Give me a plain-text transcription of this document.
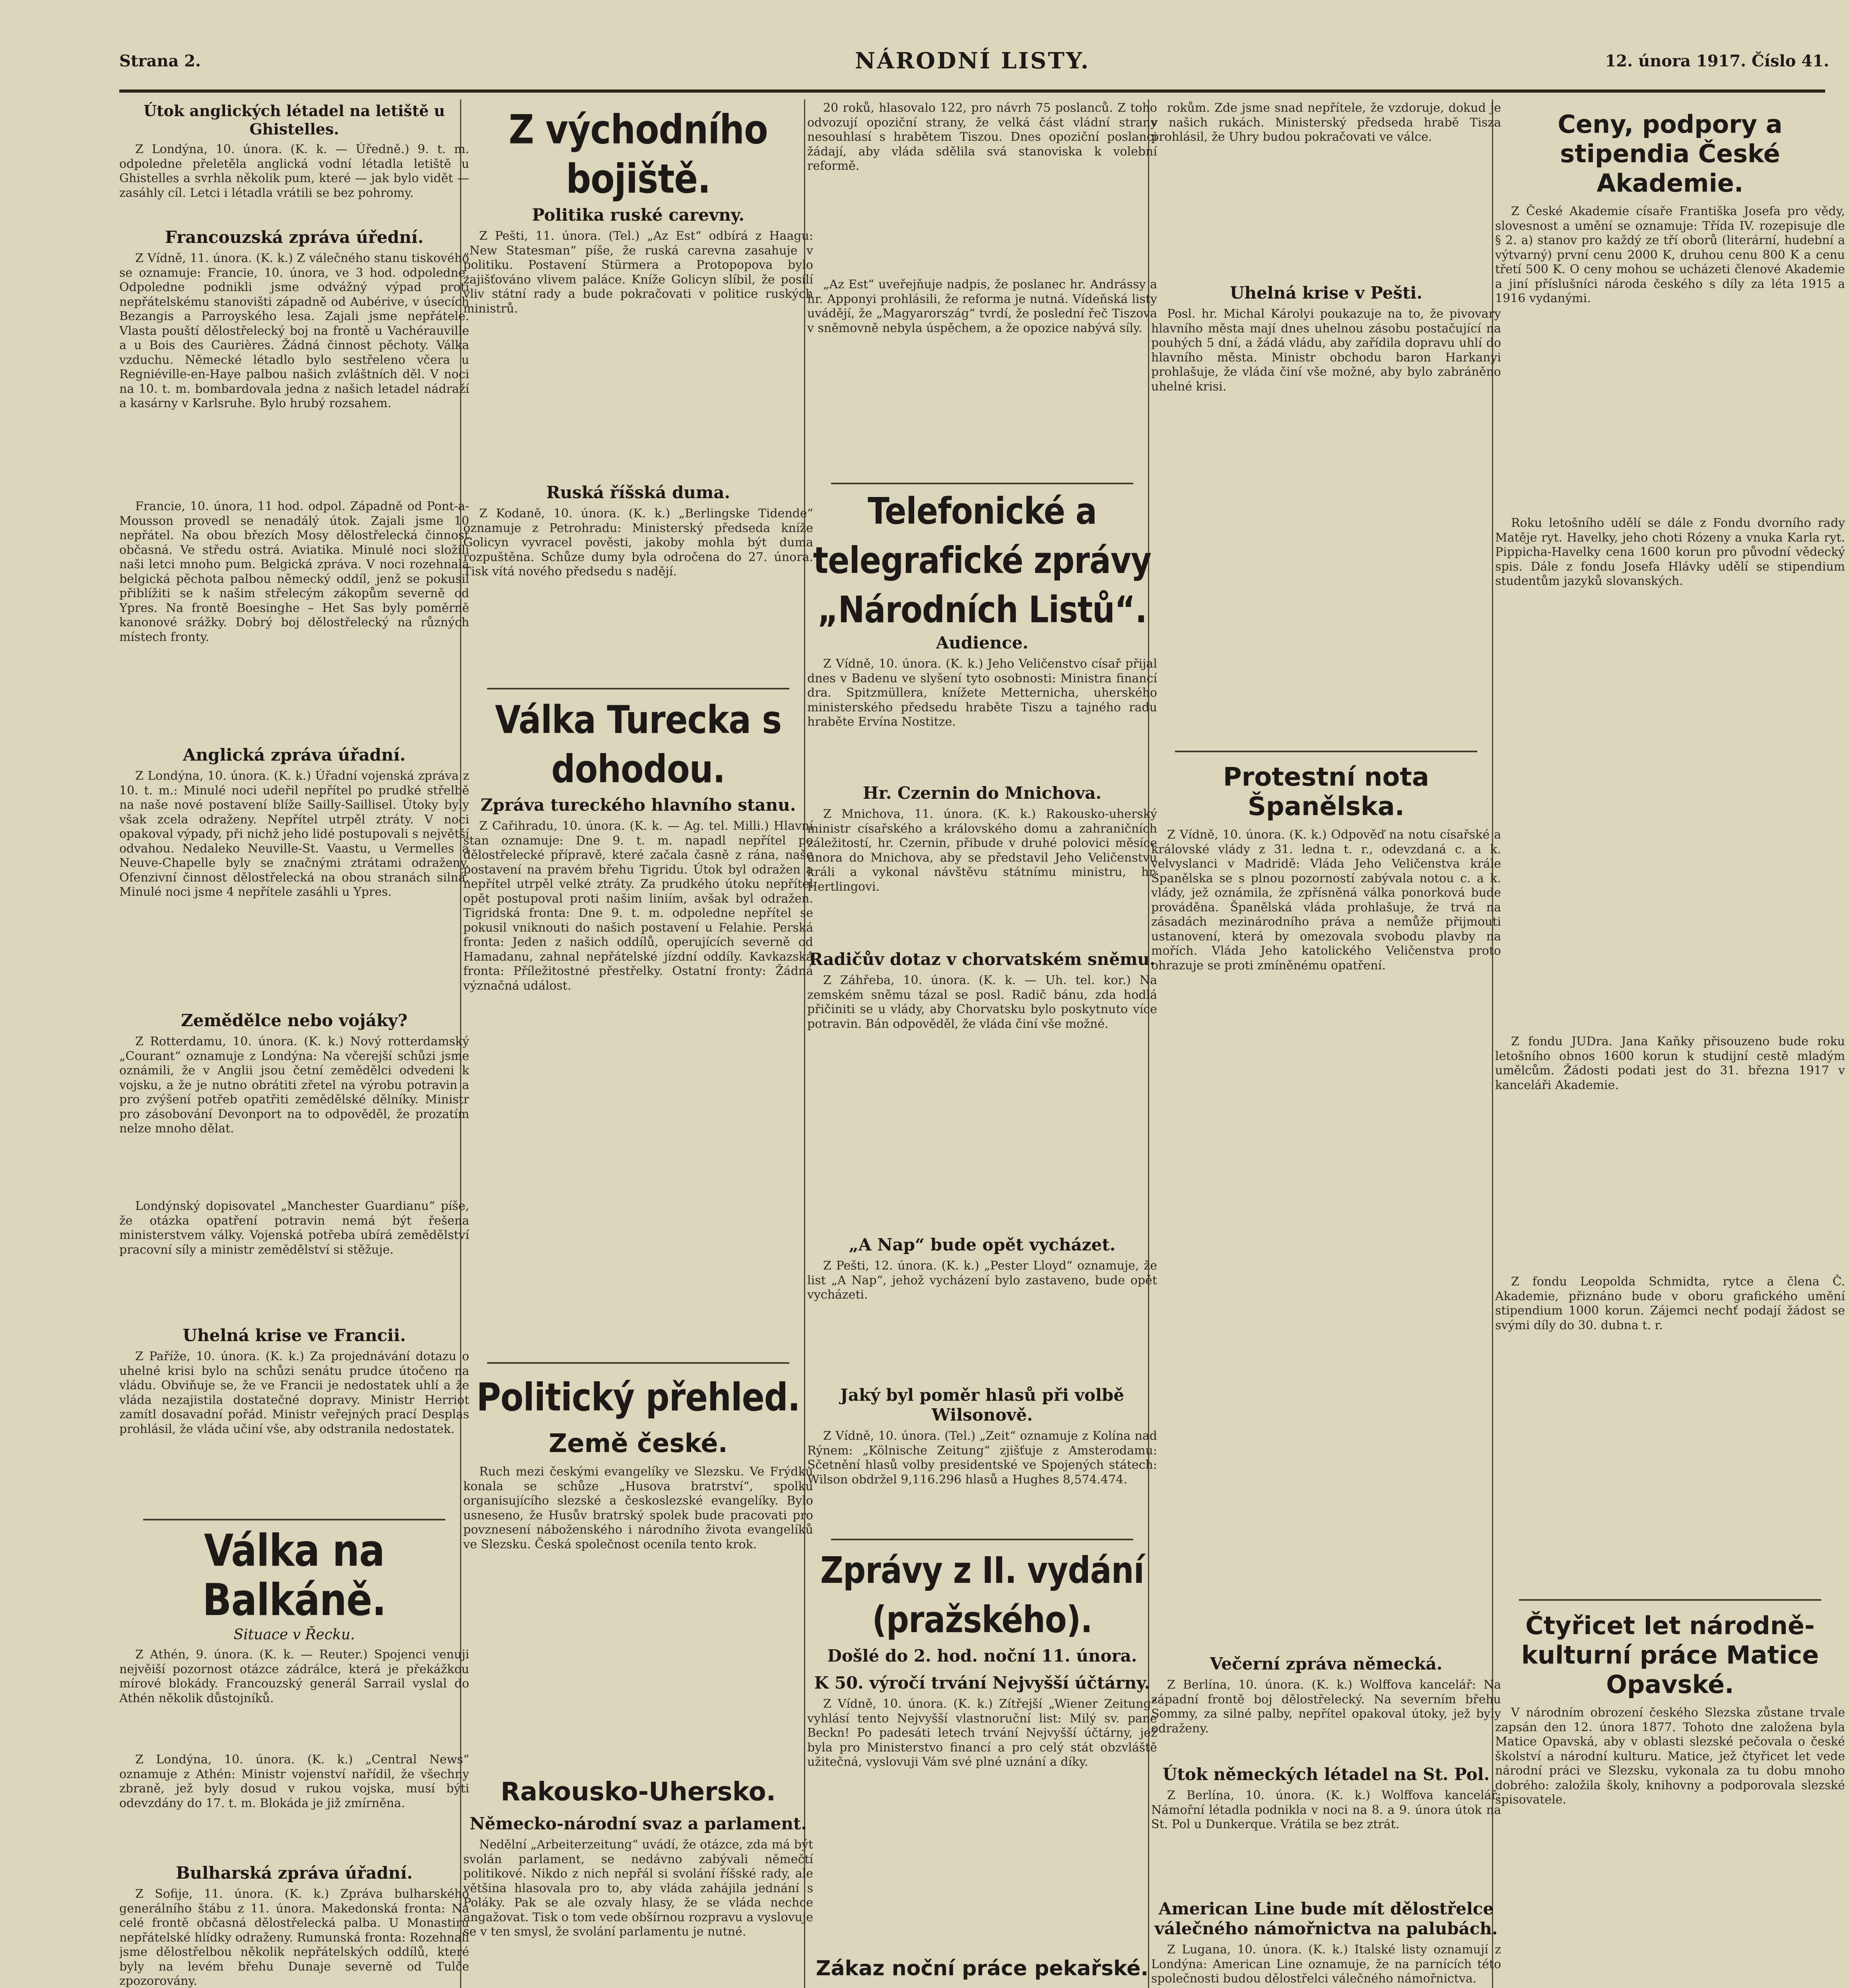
Strana 2.	NÁRODNÍ LISTY.	12. února 1917. Číslo 41.
Útok anglických létadel na letiště u Ghistelles.

Z Londýna, 10. února. (K. k. — Úředně.) 9. t. m. odpoledne přeletěla anglická vodní létadla letiště u Ghistelles a svrhla několik pum, které — jak bylo vidět — zasáhly cíl. Letci i létadla vrátili se bez pohromy.

Francouzská zpráva úřední.

Z Vídně, 11. února. (K. k.) Z válečného stanu tiskového se oznamuje: Francie, 10. února, ve 3 hod. odpoledne. Odpoledne podnikli jsme odvážný výpad proti nepřátelskému stanovišti západně od Aubérive, v úsecích Bezangis a Parroyského lesa. Zajali jsme nepřátele. Vlasta pouští dělostřelecký boj na frontě u Vachérauville a u Bois des Caurières. Žádná činnost pěchoty. Válka vzduchu. Německé létadlo bylo sestřeleno včera u Regniéville-en-Haye palbou našich zvláštních děl. V noci na 10. t. m. bombardovala jedna z našich letadel nádraží a kasárny v Karlsruhe. Bylo hrubý rozsahem.

Francie, 10. února, 11 hod. odpol. Západně od Pont-a-Mousson provedl se nenadálý útok. Zajali jsme 10 nepřátel. Na obou březích Mosy dělostřelecká činnost občasná. Ve středu ostrá. Aviatika. Minulé noci složili naši letci mnoho pum. Belgická zpráva. V noci rozehnala belgická pěchota palbou německý oddíl, jenž se pokusil přiblížiti se k našim střelecým zákopům severně od Ypres. Na frontě Boesinghe – Het Sas byly poměrně kanonové srážky. Dobrý boj dělostřelecký na různých místech fronty.

Anglická zpráva úřadní.

Z Londýna, 10. února. (K. k.) Úřadní vojenská zpráva z 10. t. m.: Minulé noci udeřil nepřítel po prudké střelbě na naše nové postavení blíže Sailly-Saillisel. Útoky byly však zcela odraženy. Nepřítel utrpěl ztráty. V noci opakoval výpady, při nichž jeho lidé postupovali s největší odvahou. Nedaleko Neuville-St. Vaastu, u Vermelles a Neuve-Chapelle byly se značnými ztrátami odraženy. Ofenzivní činnost dělostřelecká na obou stranách silná. Minulé noci jsme 4 nepřítele zasáhli u Ypres.

Zemědělce nebo vojáky?

Z Rotterdamu, 10. února. (K. k.) Nový rotterdamský „Courant“ oznamuje z Londýna: Na včerejší schůzi jsme oznámili, že v Anglii jsou četní zemědělci odvedeni k vojsku, a že je nutno obrátiti zřetel na výrobu potravin a pro zvýšení potřeb opatřiti zemědělské dělníky. Ministr pro zásobování Devonport na to odpověděl, že prozatím nelze mnoho dělat.

Londýnský dopisovatel „Manchester Guardianu“ píše, že otázka opatření potravin nemá být řešena ministerstvem války. Vojenská potřeba ubírá zemědělství pracovní síly a ministr zemědělství si stěžuje.

Uhelná krise ve Francii.

Z Paříže, 10. února. (K. k.) Za projednávání dotazu o uhelné krisi bylo na schůzi senátu prudce útočeno na vládu. Obviňuje se, že ve Francii je nedostatek uhlí a že vláda nezajistila dostatečné dopravy. Ministr Herriot zamítl dosavadní pořád. Ministr veřejných prací Desplas prohlásil, že vláda učiní vše, aby odstranila nedostatek.

Válka na Balkáně.
Situace v Řecku.

Z Athén, 9. února. (K. k. — Reuter.) Spojenci venuji nejvěiší pozornost otázce zádrálce, která je překážkou mírové blokády. Francouzský generál Sarrail vyslal do Athén několik důstojníků.

Z Londýna, 10. února. (K. k.) „Central News“ oznamuje z Athén: Ministr vojenství nařídil, že všechny zbraně, jež byly dosud v rukou vojska, musí býti odevzdány do 17. t. m. Blokáda je již zmírněna.

Bulharská zpráva úřadní.

Z Sofije, 11. února. (K. k.) Zpráva bulharského generálního štábu z 11. února. Makedonská fronta: Na celé frontě občasná dělostřelecká palba. U Monastiru nepřátelské hlídky odraženy. Rumunská fronta: Rozehnali jsme dělostřelbou několik nepřátelských oddílů, které byly na levém břehu Dunaje severně od Tulče zpozorovány.

Z východního bojiště.
Politika ruské carevny.

Z Pešti, 11. února. (Tel.) „Az Est“ odbírá z Haagu: „New Statesman“ píše, že ruská carevna zasahuje v politiku. Postavení Stürmera a Protopopova bylo zajišťováno vlivem paláce. Kníže Golicyn slíbil, že posílí vliv státní rady a bude pokračovati v politice ruských ministrů.

Ruská říšská duma.

Z Kodaně, 10. února. (K. k.) „Berlingske Tidende“ oznamuje z Petrohradu: Ministerský předseda kníže Golicyn vyvracel pověsti, jakoby mohla být duma rozpuštěna. Schůze dumy byla odročena do 27. února. Tisk vítá nového předsedu s nadějí.

Válka Turecka s dohodou.
Zpráva tureckého hlavního stanu.

Z Cařihradu, 10. února. (K. k. — Ag. tel. Milli.) Hlavní stan oznamuje: Dne 9. t. m. napadl nepřítel po dělostřelecké přípravě, které začala časně z rána, naše postavení na pravém břehu Tigridu. Útok byl odražen a nepřítel utrpěl velké ztráty. Za prudkého útoku nepřítel opět postupoval proti našim liniím, avšak byl odražen. Tigridská fronta: Dne 9. t. m. odpoledne nepřítel se pokusil vniknouti do našich postavení u Felahie. Perská fronta: Jeden z našich oddílů, operujících severně od Hamadanu, zahnal nepřátelské jízdní oddíly. Kavkazská fronta: Příležitostné přestřelky. Ostatní fronty: Žádná význačná událost.

Politický přehled.
Země české.

Ruch mezi českými evangelíky ve Slezsku. Ve Frýdku konala se schůze „Husova bratrství“, spolku organisujícího slezské a českoslezské evangelíky. Bylo usneseno, že Husův bratrský spolek bude pracovati pro povznesení náboženského i národního života evangelíků ve Slezsku. Česká společnost ocenila tento krok.

Rakousko-Uhersko.
Německo-národní svaz a parlament.

Nedělní „Arbeiterzeitung“ uvádí, že otázce, zda má být svolán parlament, se nedávno zabývali němečtí politikové. Nikdo z nich nepřál si svolání říšské rady, ale většina hlasovala pro to, aby vláda zahájila jednání s Poláky. Pak se ale ozvaly hlasy, že se vláda nechce angažovat. Tisk o tom vede obšírnou rozpravu a vyslovuje se v ten smysl, že svolání parlamentu je nutné.

20 roků, hlasovalo 122, pro návrh 75 poslanců. Z toho odvozují opoziční strany, že velká část vládní strany nesouhlasí s hrabětem Tiszou. Dnes opoziční poslanci žádají, aby vláda sdělila svá stanoviska k volební reformě.

„Az Est“ uveřejňuje nadpis, že poslanec hr. Andrássy a hr. Apponyi prohlásili, že reforma je nutná. Vídeňská listy uvádějí, že „Magyarország“ tvrdí, že poslední řeč Tiszova v sněmovně nebyla úspěchem, a že opozice nabývá síly.

Telefonické a telegrafické zprávy „Národních Listů“.
Audience.

Z Vídně, 10. února. (K. k.) Jeho Veličenstvo císař přijal dnes v Badenu ve slyšení tyto osobnosti: Ministra financí dra. Spitzmüllera, knížete Metternicha, uherského ministerského předsedu hraběte Tiszu a tajného radu hraběte Ervína Nostitze.

Hr. Czernin do Mnichova.

Z Mnichova, 11. února. (K. k.) Rakousko-uherský ministr císařského a královského domu a zahraničních záležitostí, hr. Czernin, přibude v druhé polovici měsíce února do Mnichova, aby se představil Jeho Veličenstvu králi a vykonal návštěvu státnímu ministru, hr. Hertlingovi.

Radičův dotaz v chorvatském sněmu.

Z Záhřeba, 10. února. (K. k. — Uh. tel. kor.) Na zemském sněmu tázal se posl. Radič bánu, zda hodlá přičiniti se u vlády, aby Chorvatsku bylo poskytnuto více potravin. Bán odpověděl, že vláda činí vše možné.

„A Nap“ bude opět vycházet.

Z Pešti, 12. února. (K. k.) „Pester Lloyd“ oznamuje, že list „A Nap“, jehož vycházení bylo zastaveno, bude opět vycházeti.

Jaký byl poměr hlasů při volbě Wilsonově.

Z Vídně, 10. února. (Tel.) „Zeit“ oznamuje z Kolína nad Rýnem: „Kölnische Zeitung“ zjišťuje z Amsterodamu: Sčetnění hlasů volby presidentské ve Spojených státech: Wilson obdržel 9,116.296 hlasů a Hughes 8,574.474.

Zprávy z II. vydání (pražského).
Došlé do 2. hod. noční 11. února.
K 50. výročí trvání Nejvyšší účtárny.

Z Vídně, 10. února. (K. k.) Zítřejší „Wiener Zeitung“ vyhlásí tento Nejvyšší vlastnoruční list: Milý sv. pane Beckn! Po padesáti letech trvání Nejvyšší účtárny, jež byla pro Ministerstvo financí a pro celý stát obzvláště užitečná, vyslovuji Vám své plné uznání a díky.

Zákaz noční práce pekařské.

rokům. Zde jsme snad nepřítele, že vzdoruje, dokud je v našich rukách. Ministerský předseda hrabě Tisza prohlásil, že Uhry budou pokračovati ve válce.

Uhelná krise v Pešti.

Posl. hr. Michal Károlyi poukazuje na to, že pivovary hlavního města mají dnes uhelnou zásobu postačující na pouhých 5 dní, a žádá vládu, aby zařídila dopravu uhlí do hlavního města. Ministr obchodu baron Harkanyi prohlašuje, že vláda činí vše možné, aby bylo zabráněno uhelné krisi.

Protestní nota Španělska.

Z Vídně, 10. února. (K. k.) Odpověď na notu císařské a královské vlády z 31. ledna t. r., odevzdaná c. a k. velvyslanci v Madridě: Vláda Jeho Veličenstva krále Španělska se s plnou pozorností zabývala notou c. a k. vlády, jež oznámila, že zpřísněná válka ponorková bude prováděna. Španělská vláda prohlašuje, že trvá na zásadách mezinárodního práva a nemůže přijmouti ustanovení, která by omezovala svobodu plavby na mořích. Vláda Jeho katolického Veličenstva proto ohrazuje se proti zmíněnému opatření.

Večerní zpráva německá.

Z Berlína, 10. února. (K. k.) Wolffova kancelář: Na západní frontě boj dělostřelecký. Na severním břehu Sommy, za silné palby, nepřítel opakoval útoky, jež byly odraženy.

Útok německých létadel na St. Pol.

Z Berlína, 10. února. (K. k.) Wolffova kancelář: Námořní létadla podnikla v noci na 8. a 9. února útok na St. Pol u Dunkerque. Vrátila se bez ztrát.

American Line bude mít dělostřelce válečného námořnictva na palubách.

Z Lugana, 10. února. (K. k.) Italské listy oznamují z Londýna: American Line oznamuje, že na parnících této společnosti budou dělostřelci válečného námořnictva.

Ceny, podpory a stipendia České Akademie.

Z České Akademie císaře Františka Josefa pro vědy, slovesnost a umění se oznamuje: Třída IV. rozepisuje dle § 2. a) stanov pro každý ze tří oborů (literární, hudební a výtvarný) první cenu 2000 K, druhou cenu 800 K a cenu třetí 500 K. O ceny mohou se ucházeti členové Akademie a jiní příslušníci národa českého s díly za léta 1915 a 1916 vydanými.

Roku letošního udělí se dále z Fondu dvorního rady Matěje ryt. Havelky, jeho choti Rózeny a vnuka Karla ryt. Pippicha-Havelky cena 1600 korun pro původní vědecký spis. Dále z fondu Josefa Hlávky udělí se stipendium studentům jazyků slovanských.

Z fondu JUDra. Jana Kaňky přisouzeno bude roku letošního obnos 1600 korun k studijní cestě mladým umělcům. Žádosti podati jest do 31. března 1917 v kanceláři Akademie.

Z fondu Leopolda Schmidta, rytce a člena Č. Akademie, přiznáno bude v oboru grafického umění stipendium 1000 korun. Zájemci nechť podají žádost se svými díly do 30. dubna t. r.

Čtyřicet let národně-kulturní práce Matice Opavské.

V národním obrození českého Slezska zůstane trvale zapsán den 12. února 1877. Tohoto dne založena byla Matice Opavská, aby v oblasti slezské pečovala o české školství a národní kulturu. Matice, jež čtyřicet let vede národní práci ve Slezsku, vykonala za tu dobu mnoho dobrého: založila školy, knihovny a podporovala slezské spisovatele.
